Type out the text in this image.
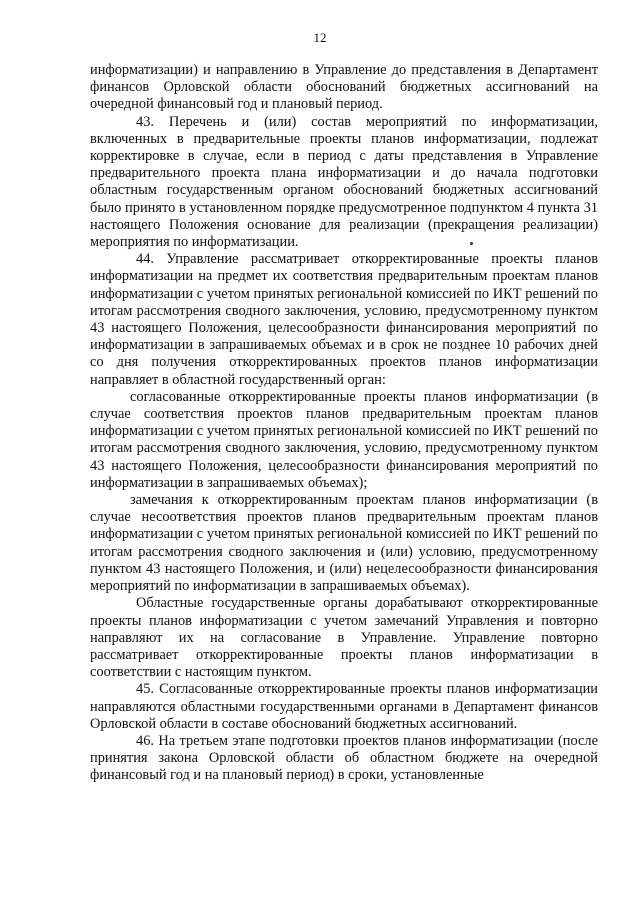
12

информатизации) и направлению в Управление до представления в Департамент финансов Орловской области обоснований бюджетных ассигнований на очередной финансовый год и плановый период.

43. Перечень и (или) состав мероприятий по информатизации, включенных в предварительные проекты планов информатизации, подлежат корректировке в случае, если в период с даты представления в Управление предварительного проекта плана информатизации и до начала подготовки областным государственным органом обоснований бюджетных ассигнований было принято в установленном порядке предусмотренное подпунктом 4 пункта 31 настоящего Положения основание для реализации (прекращения реализации) мероприятия по информатизации.

44. Управление рассматривает откорректированные проекты планов информатизации на предмет их соответствия предварительным проектам планов информатизации с учетом принятых региональной комиссией по ИКТ решений по итогам рассмотрения сводного заключения, условию, предусмотренному пунктом 43 настоящего Положения, целесообразности финансирования мероприятий по информатизации в запрашиваемых объемах и в срок не позднее 10 рабочих дней со дня получения откорректированных проектов планов информатизации направляет в областной государственный орган:

согласованные откорректированные проекты планов информатизации (в случае соответствия проектов планов предварительным проектам планов информатизации с учетом принятых региональной комиссией по ИКТ решений по итогам рассмотрения сводного заключения, условию, предусмотренному пунктом 43 настоящего Положения, целесообразности финансирования мероприятий по информатизации в запрашиваемых объемах);

замечания к откорректированным проектам планов информатизации (в случае несоответствия проектов планов предварительным проектам планов информатизации с учетом принятых региональной комиссией по ИКТ решений по итогам рассмотрения сводного заключения и (или) условию, предусмотренному пунктом 43 настоящего Положения, и (или) нецелесообразности финансирования мероприятий по информатизации в запрашиваемых объемах).

Областные государственные органы дорабатывают откорректированные проекты планов информатизации с учетом замечаний Управления и повторно направляют их на согласование в Управление. Управление повторно рассматривает откорректированные проекты планов информатизации в соответствии с настоящим пунктом.

45. Согласованные откорректированные проекты планов информатизации направляются областными государственными органами в Департамент финансов Орловской области в составе обоснований бюджетных ассигнований.

46. На третьем этапе подготовки проектов планов информатизации (после принятия закона Орловской области об областном бюджете на очередной финансовый год и на плановый период) в сроки, установленные
